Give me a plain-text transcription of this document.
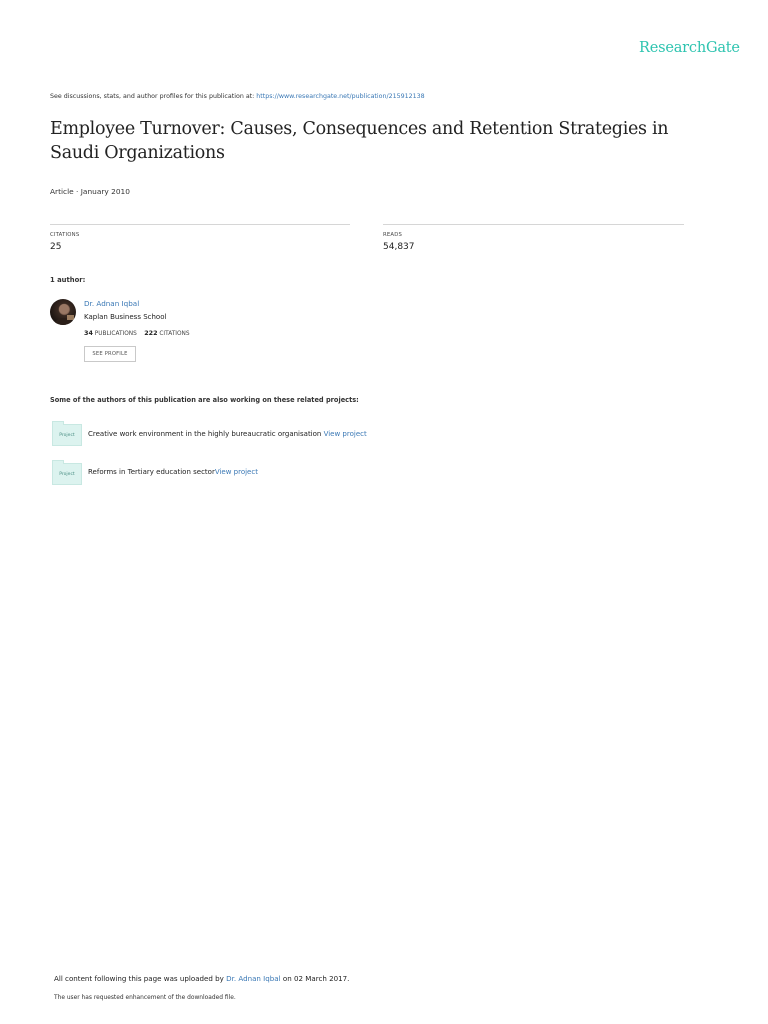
ResearchGate
See discussions, stats, and author profiles for this publication at: https://www.researchgate.net/publication/215912138
Employee Turnover: Causes, Consequences and Retention Strategies in Saudi Organizations
Article · January 2010
CITATIONS
25
READS
54,837
1 author:
Dr. Adnan Iqbal
Kaplan Business School
34 PUBLICATIONS 222 CITATIONS
SEE PROFILE
Some of the authors of this publication are also working on these related projects:
Project	Creative work environment in the highly bureaucratic organisation View project
Project	Reforms in Tertiary education sectorView project
All content following this page was uploaded by Dr. Adnan Iqbal on 02 March 2017.
The user has requested enhancement of the downloaded file.
